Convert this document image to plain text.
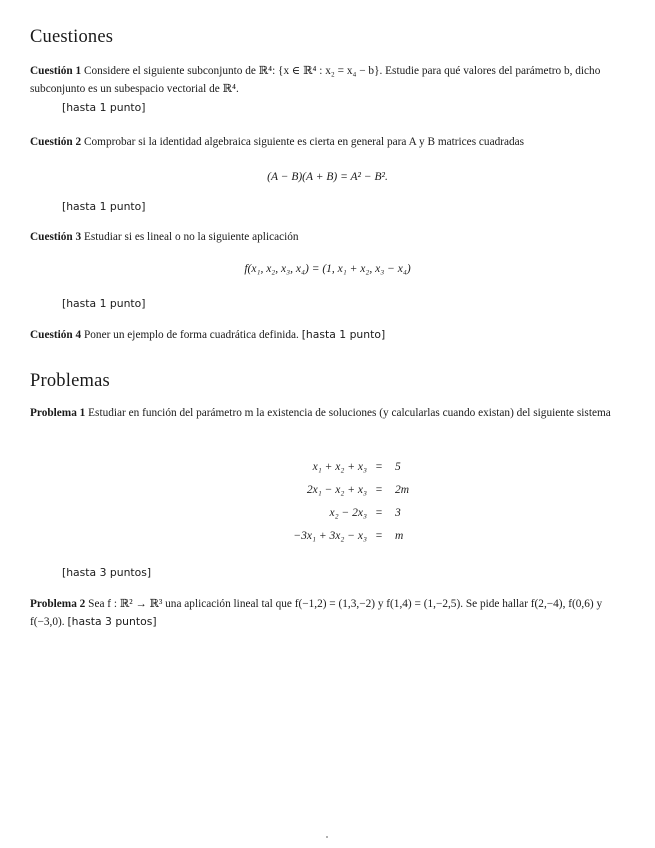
Cuestiones
Cuestión 1 Considere el siguiente subconjunto de ℝ⁴: {x ∈ ℝ⁴ : x₂ = x₄ − b}. Estudie para qué valores del parámetro b, dicho subconjunto es un subespacio vectorial de ℝ⁴.
[hasta 1 punto]
Cuestión 2 Comprobar si la identidad algebraica siguiente es cierta en general para A y B matrices cuadradas
(A − B)(A + B) = A² − B².
[hasta 1 punto]
Cuestión 3 Estudiar si es lineal o no la siguiente aplicación
f(x₁, x₂, x₃, x₄) = (1, x₁ + x₂, x₃ − x₄)
[hasta 1 punto]
Cuestión 4 Poner un ejemplo de forma cuadrática definida. [hasta 1 punto]
Problemas
Problema 1 Estudiar en función del parámetro m la existencia de soluciones (y calcularlas cuando existan) del siguiente sistema
x₁ + x₂ + x₃ =	5
2x₁ − x₂ + x₃ =	2m
x₂ − 2x₃ =	3
−3x₁ + 3x₂ − x₃ =	m
[hasta 3 puntos]
Problema 2 Sea f : ℝ² → ℝ³ una aplicación lineal tal que f(−1,2) = (1,3,−2) y f(1,4) = (1,−2,5). Se pide hallar f(2,−4), f(0,6) y f(−3,0). [hasta 3 puntos]
